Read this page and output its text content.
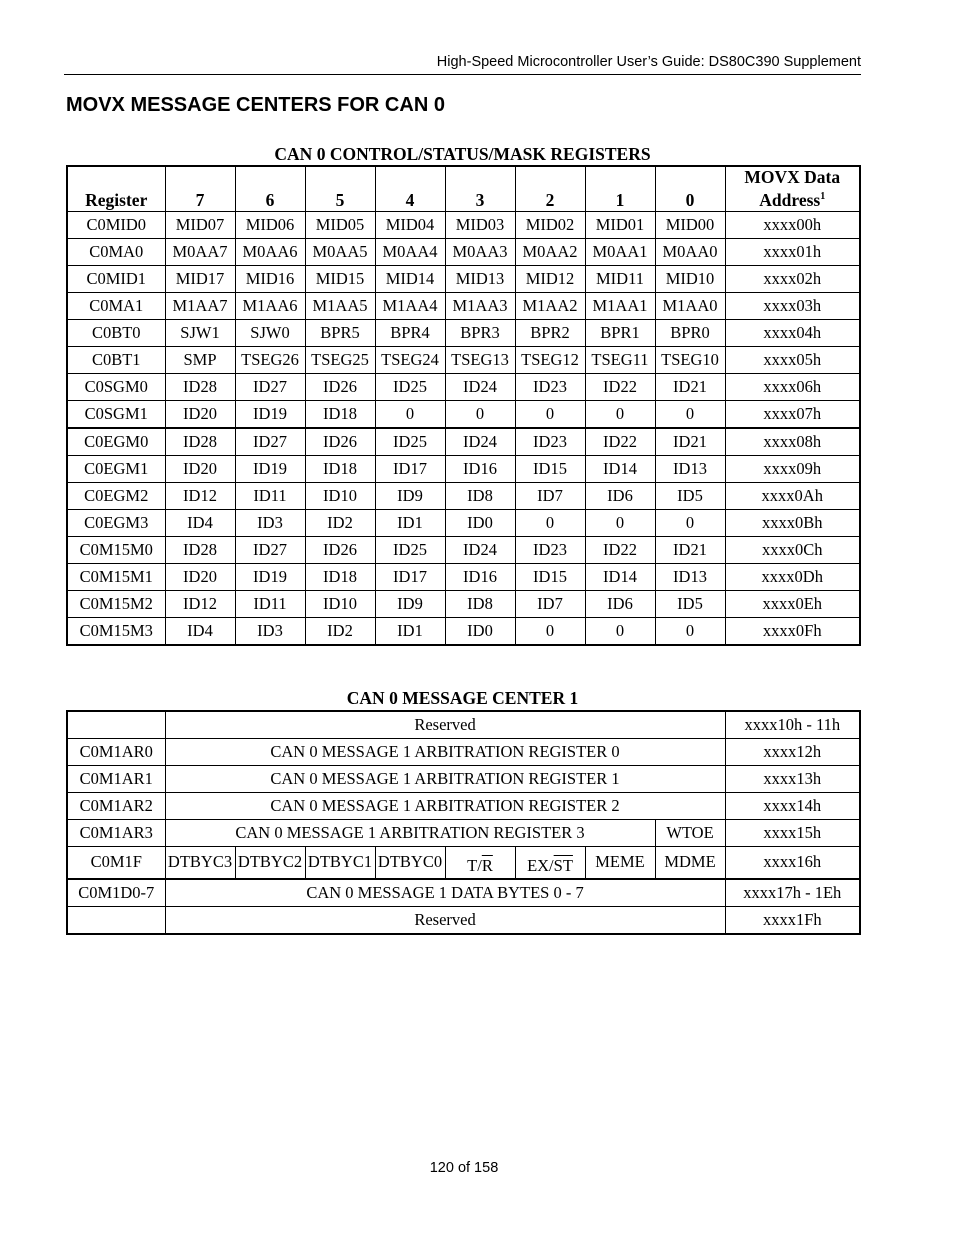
High-Speed Microcontroller User’s Guide: DS80C390 Supplement
MOVX MESSAGE CENTERS FOR CAN 0
CAN 0 CONTROL/STATUS/MASK REGISTERS
Register	7	6	5	4	3	2	1	0	MOVX Data
Address$^1$
C0MID0	MID07	MID06	MID05	MID04	MID03	MID02	MID01	MID00	xxxx00h
C0MA0	M0AA7	M0AA6	M0AA5	M0AA4	M0AA3	M0AA2	M0AA1	M0AA0	xxxx01h
C0MID1	MID17	MID16	MID15	MID14	MID13	MID12	MID11	MID10	xxxx02h
C0MA1	M1AA7	M1AA6	M1AA5	M1AA4	M1AA3	M1AA2	M1AA1	M1AA0	xxxx03h
C0BT0	SJW1	SJW0	BPR5	BPR4	BPR3	BPR2	BPR1	BPR0	xxxx04h
C0BT1	SMP	TSEG26	TSEG25	TSEG24	TSEG13	TSEG12	TSEG11	TSEG10	xxxx05h
C0SGM0	ID28	ID27	ID26	ID25	ID24	ID23	ID22	ID21	xxxx06h
C0SGM1	ID20	ID19	ID18	0	0	0	0	0	xxxx07h
C0EGM0	ID28	ID27	ID26	ID25	ID24	ID23	ID22	ID21	xxxx08h
C0EGM1	ID20	ID19	ID18	ID17	ID16	ID15	ID14	ID13	xxxx09h
C0EGM2	ID12	ID11	ID10	ID9	ID8	ID7	ID6	ID5	xxxx0Ah
C0EGM3	ID4	ID3	ID2	ID1	ID0	0	0	0	xxxx0Bh
C0M15M0	ID28	ID27	ID26	ID25	ID24	ID23	ID22	ID21	xxxx0Ch
C0M15M1	ID20	ID19	ID18	ID17	ID16	ID15	ID14	ID13	xxxx0Dh
C0M15M2	ID12	ID11	ID10	ID9	ID8	ID7	ID6	ID5	xxxx0Eh
C0M15M3	ID4	ID3	ID2	ID1	ID0	0	0	0	xxxx0Fh
CAN 0 MESSAGE CENTER 1
	Reserved								xxxx10h - 11h
C0M1AR0	CAN 0 MESSAGE 1 ARBITRATION REGISTER 0								xxxx12h
C0M1AR1	CAN 0 MESSAGE 1 ARBITRATION REGISTER 1								xxxx13h
C0M1AR2	CAN 0 MESSAGE 1 ARBITRATION REGISTER 2								xxxx14h
C0M1AR3	CAN 0 MESSAGE 1 ARBITRATION REGISTER 3							WTOE	xxxx15h
C0M1F	DTBYC3	DTBYC2	DTBYC1	DTBYC0	$T/\overline{R}$	$EX/\overline{ST}$	MEME	MDME	xxxx16h
C0M1D0-7	CAN 0 MESSAGE 1 DATA BYTES 0 - 7								xxxx17h - 1Eh
	Reserved								xxxx1Fh
120 of 158
